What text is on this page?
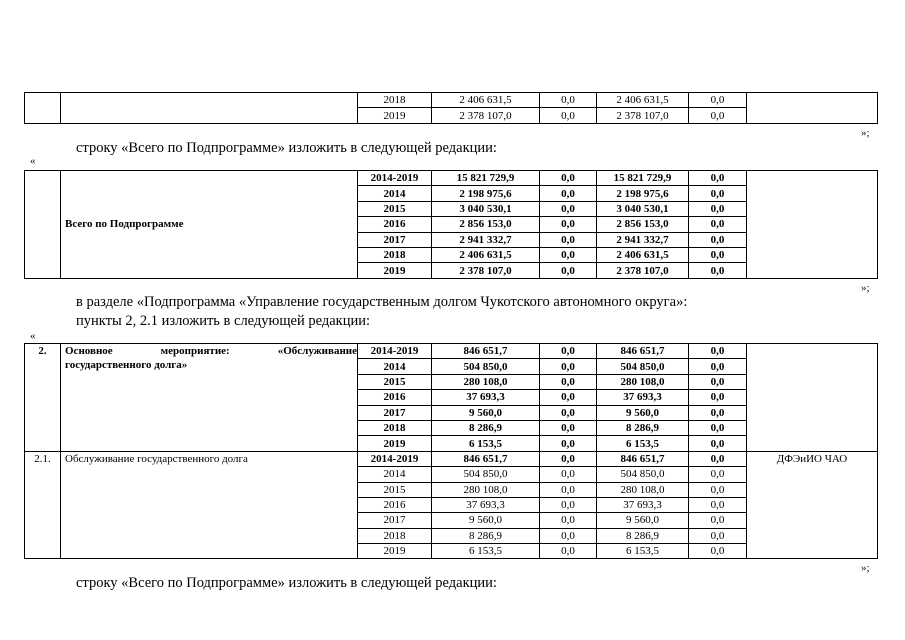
		2018	2 406 631,5	0,0	2 406 631,5	0,0	
		2019	2 378 107,0	0,0	2 378 107,0	0,0	
»;
строку «Всего по Подпрограмме» изложить в следующей редакции:
«
	Всего по Подпрограмме	2014-2019	15 821 729,9	0,0	15 821 729,9	0,0	
		2014	2 198 975,6	0,0	2 198 975,6	0,0	
		2015	3 040 530,1	0,0	3 040 530,1	0,0	
		2016	2 856 153,0	0,0	2 856 153,0	0,0	
		2017	2 941 332,7	0,0	2 941 332,7	0,0	
		2018	2 406 631,5	0,0	2 406 631,5	0,0	
		2019	2 378 107,0	0,0	2 378 107,0	0,0	
»;
в разделе «Подпрограмма «Управление государственным долгом Чукотского автономного округа»:
пункты 2, 2.1 изложить в следующей редакции:
«
2.	Основное мероприятие: «Обслуживание
государственного долга»	2014-2019	846 651,7	0,0	846 651,7	0,0	
		2014	504 850,0	0,0	504 850,0	0,0	
		2015	280 108,0	0,0	280 108,0	0,0	
		2016	37 693,3	0,0	37 693,3	0,0	
		2017	9 560,0	0,0	9 560,0	0,0	
		2018	8 286,9	0,0	8 286,9	0,0	
		2019	6 153,5	0,0	6 153,5	0,0	
2.1.	Обслуживание государственного долга	2014-2019	846 651,7	0,0	846 651,7	0,0	ДФЭиИО ЧАО
		2014	504 850,0	0,0	504 850,0	0,0	
		2015	280 108,0	0,0	280 108,0	0,0	
		2016	37 693,3	0,0	37 693,3	0,0	
		2017	9 560,0	0,0	9 560,0	0,0	
		2018	8 286,9	0,0	8 286,9	0,0	
		2019	6 153,5	0,0	6 153,5	0,0	
»;
строку «Всего по Подпрограмме» изложить в следующей редакции:
